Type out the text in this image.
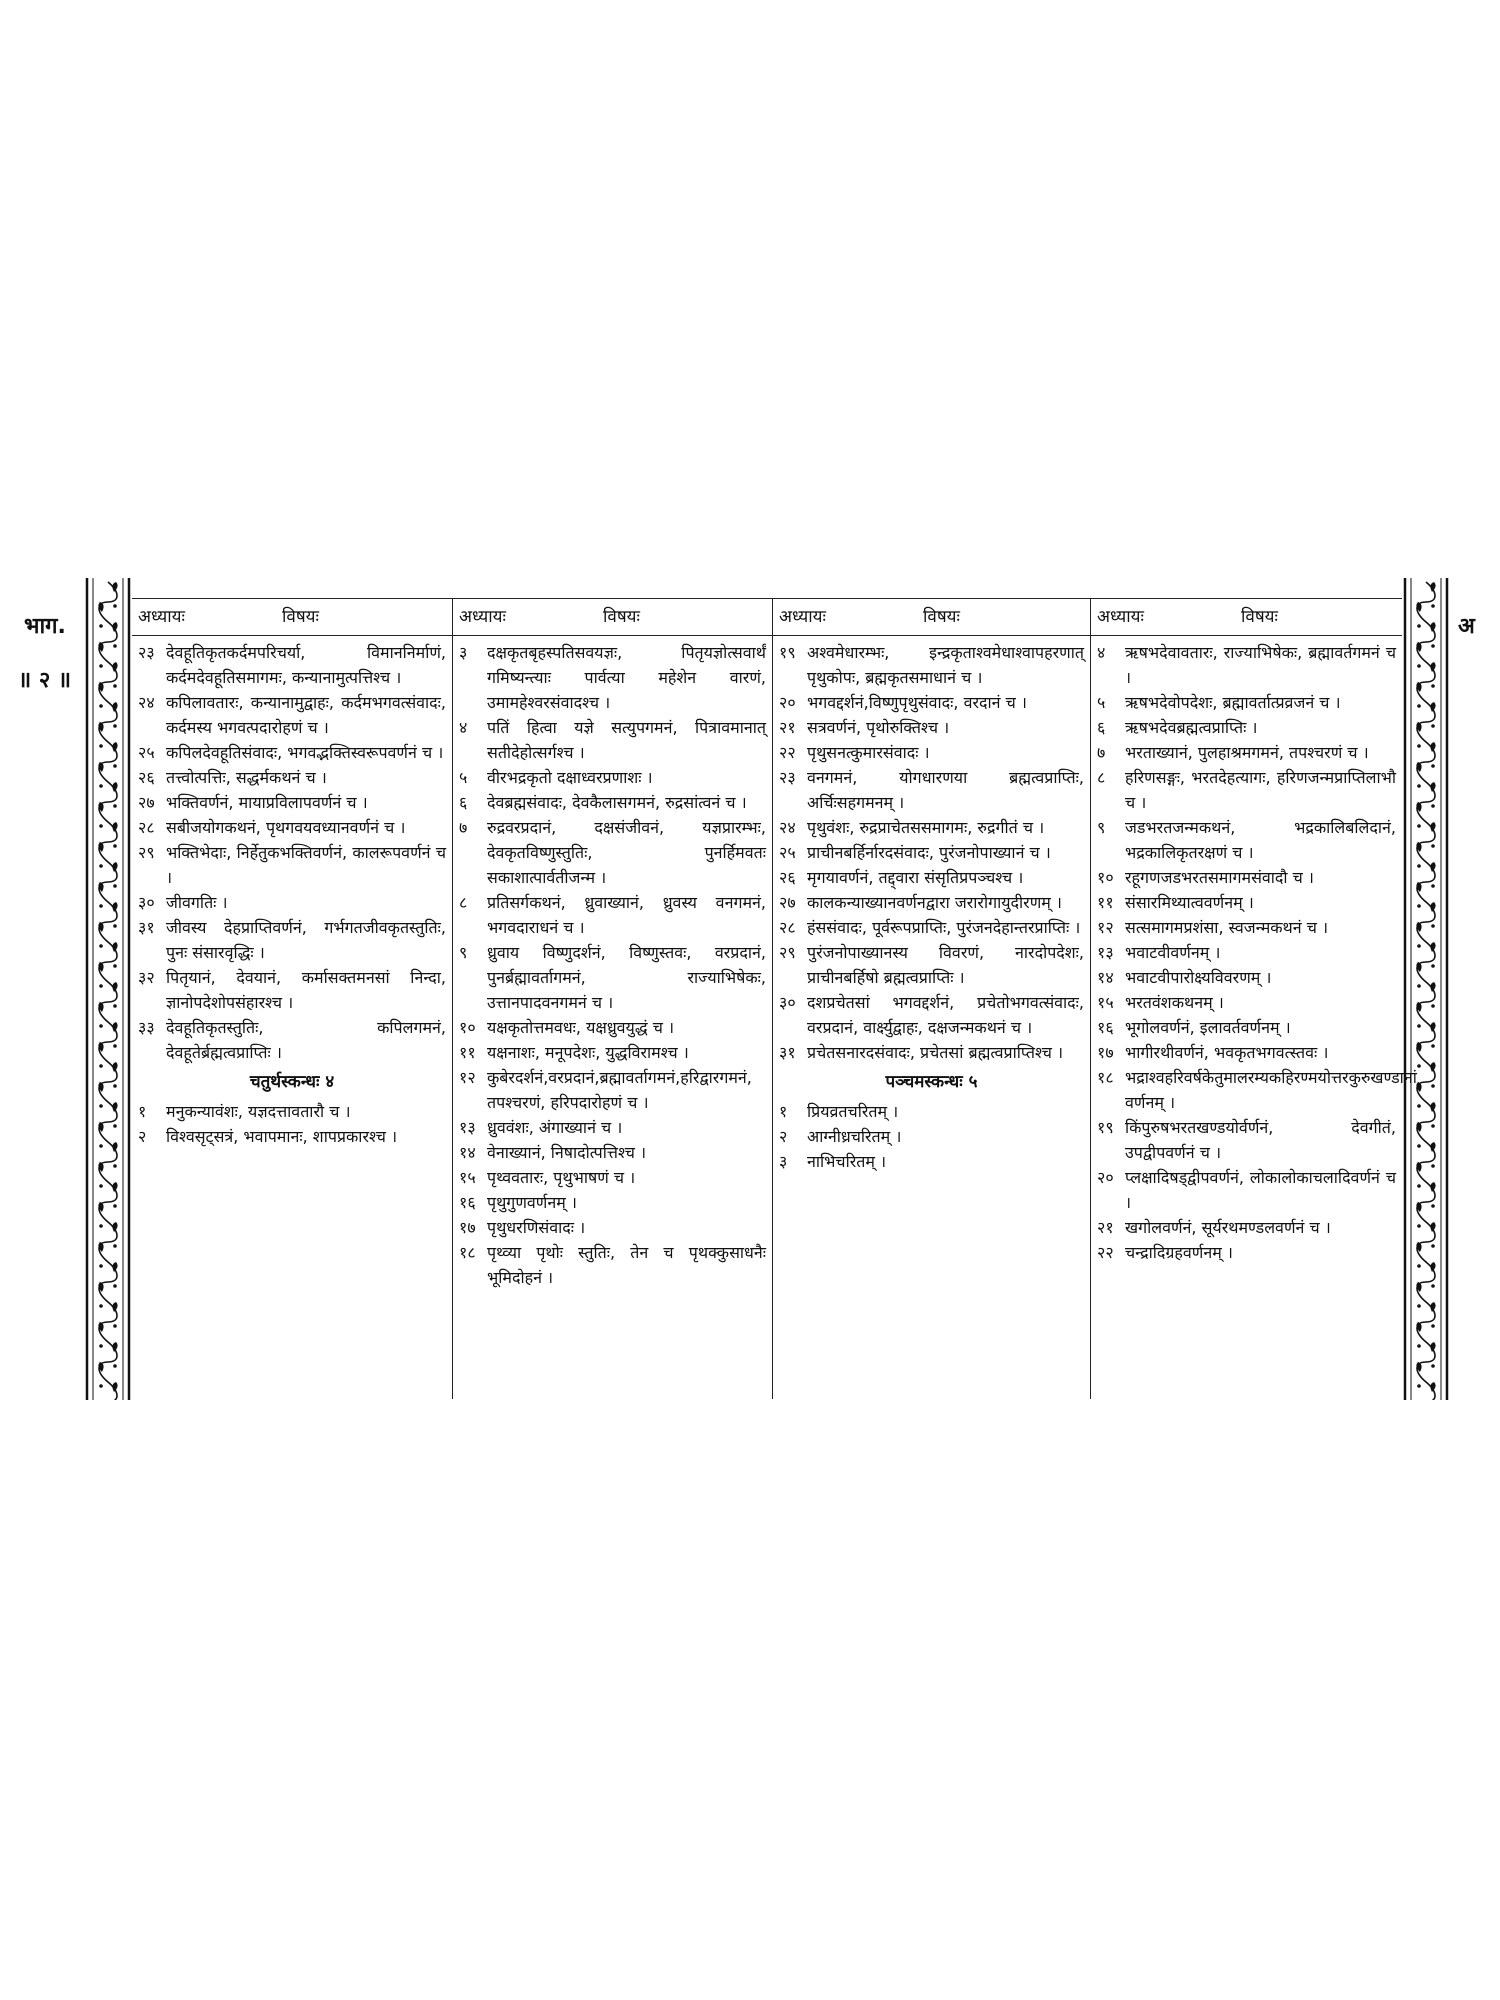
भाग.
॥ २ ॥
अ
अध्यायः	विषयः
२३ देवहूतिकृतकर्दमपरिचर्या, विमाननिर्माणं, कर्दमदेवहूतिसमागमः, कन्यानामुत्पत्तिश्च ।
२४ कपिलावतारः, कन्यानामुद्वाहः, कर्दमभगवत्संवादः, कर्दमस्य भगवत्पदारोहणं च ।
२५ कपिलदेवहूतिसंवादः, भगवद्भक्तिस्वरूपवर्णनं च ।
२६ तत्त्वोत्पत्तिः, सद्धर्मकथनं च ।
२७ भक्तिवर्णनं, मायाप्रविलापवर्णनं च ।
२८ सबीजयोगकथनं, पृथगवयवध्यानवर्णनं च ।
२९ भक्तिभेदाः, निर्हेतुकभक्तिवर्णनं, कालरूपवर्णनं च ।
३० जीवगतिः ।
३१ जीवस्य देहप्राप्तिवर्णनं, गर्भगतजीवकृतस्तुतिः, पुनः संसारवृद्धिः ।
३२ पितृयानं, देवयानं, कर्मासक्तमनसां निन्दा, ज्ञानोपदेशोपसंहारश्च ।
३३ देवहूतिकृतस्तुतिः, कपिलगमनं, देवहूतेर्ब्रह्मत्वप्राप्तिः ।
चतुर्थस्कन्धः ४
१	मनुकन्यावंशः, यज्ञदत्तावतारौ च ।
२	विश्वसृट्सत्रं, भवापमानः, शापप्रकारश्च ।
अध्यायः	विषयः
३	दक्षकृतबृहस्पतिसवयज्ञः, पितृयज्ञोत्सवार्थं गमिष्यन्त्याः पार्वत्या महेशेन वारणं, उमामहेश्वरसंवादश्च ।
४	पतिं हित्वा यज्ञे सत्युपगमनं, पित्रावमानात् सतीदेहोत्सर्गश्च ।
५	वीरभद्रकृतो दक्षाध्वरप्रणाशः ।
६	देवब्रह्मसंवादः, देवकैलासगमनं, रुद्रसांत्वनं च ।
७	रुद्रवरप्रदानं, दक्षसंजीवनं, यज्ञप्रारम्भः, देवकृतविष्णुस्तुतिः, पुनर्हिमवतः सकाशात्पार्वतीजन्म ।
८	प्रतिसर्गकथनं, ध्रुवाख्यानं, ध्रुवस्य वनगमनं, भगवदाराधनं च ।
९	ध्रुवाय विष्णुदर्शनं, विष्णुस्तवः, वरप्रदानं, पुनर्ब्रह्मावर्तागमनं, राज्याभिषेकः, उत्तानपादवनगमनं च ।
१० यक्षकृतोत्तमवधः, यक्षध्रुवयुद्धं च ।
११ यक्षनाशः, मनूपदेशः, युद्धविरामश्च ।
१२ कुबेरदर्शनं,वरप्रदानं,ब्रह्मावर्तागमनं,हरिद्वारगमनं, तपश्चरणं, हरिपदारोहणं च ।
१३ ध्रुववंशः, अंगाख्यानं च ।
१४ वेनाख्यानं, निषादोत्पत्तिश्च ।
१५ पृथ्ववतारः, पृथुभाषणं च ।
१६ पृथुगुणवर्णनम् ।
१७ पृथुधरणिसंवादः ।
१८ पृथ्व्या पृथोः स्तुतिः, तेन च पृथक्कुसाधनैः भूमिदोहनं ।
अध्यायः	विषयः
१९ अश्वमेधारम्भः, इन्द्रकृताश्वमेधाश्वापहरणात् पृथुकोपः, ब्रह्मकृतसमाधानं च ।
२० भगवद्दर्शनं,विष्णुपृथुसंवादः, वरदानं च ।
२१ सत्रवर्णनं, पृथोरुक्तिश्च ।
२२ पृथुसनत्कुमारसंवादः ।
२३ वनगमनं, योगधारणया ब्रह्मत्वप्राप्तिः, अर्चिःसहगमनम् ।
२४ पृथुवंशः, रुद्रप्राचेतससमागमः, रुद्रगीतं च ।
२५ प्राचीनबर्हिर्नारदसंवादः, पुरंजनोपाख्यानं च ।
२६ मृगयावर्णनं, तद्द्वारा संसृतिप्रपञ्चश्च ।
२७ कालकन्याख्यानवर्णनद्वारा जरारोगायुदीरणम् ।
२८ हंससंवादः, पूर्वरूपप्राप्तिः, पुरंजनदेहान्तरप्राप्तिः ।
२९ पुरंजनोपाख्यानस्य विवरणं, नारदोपदेशः, प्राचीनबर्हिषो ब्रह्मत्वप्राप्तिः ।
३० दशप्रचेतसां भगवद्दर्शनं, प्रचेतोभगवत्संवादः, वरप्रदानं, वार्क्ष्युद्वाहः, दक्षजन्मकथनं च ।
३१ प्रचेतसनारदसंवादः, प्रचेतसां ब्रह्मत्वप्राप्तिश्च ।
पञ्चमस्कन्धः ५
१	प्रियव्रतचरितम् ।
२	आग्नीध्रचरितम् ।
३	नाभिचरितम् ।
अध्यायः	विषयः
४	ऋषभदेवावतारः, राज्याभिषेकः, ब्रह्मावर्तगमनं च ।
५	ऋषभदेवोपदेशः, ब्रह्मावर्तात्प्रव्रजनं च ।
६	ऋषभदेवब्रह्मत्वप्राप्तिः ।
७	भरताख्यानं, पुलहाश्रमगमनं, तपश्चरणं च ।
८	हरिणसङ्गः, भरतदेहत्यागः, हरिणजन्मप्राप्तिलाभौ च ।
९	जडभरतजन्मकथनं, भद्रकालिबलिदानं, भद्रकालिकृतरक्षणं च ।
१० रहूगणजडभरतसमागमसंवादौ च ।
११ संसारमिथ्यात्ववर्णनम् ।
१२ सत्समागमप्रशंसा, स्वजन्मकथनं च ।
१३ भवाटवीवर्णनम् ।
१४ भवाटवीपारोक्ष्यविवरणम् ।
१५ भरतवंशकथनम् ।
१६ भूगोलवर्णनं, इलावर्तवर्णनम् ।
१७ भागीरथीवर्णनं, भवकृतभगवत्स्तवः ।
१८ भद्राश्वहरिवर्षकेतुमालरम्यकहिरण्मयोत्तरकुरुखण्डानां वर्णनम् ।
१९ किंपुरुषभरतखण्डयोर्वर्णनं, देवगीतं, उपद्वीपवर्णनं च ।
२० प्लक्षादिषड्द्वीपवर्णनं, लोकालोकाचलादिवर्णनं च ।
२१ खगोलवर्णनं, सूर्यरथमण्डलवर्णनं च ।
२२ चन्द्रादिग्रहवर्णनम् ।
